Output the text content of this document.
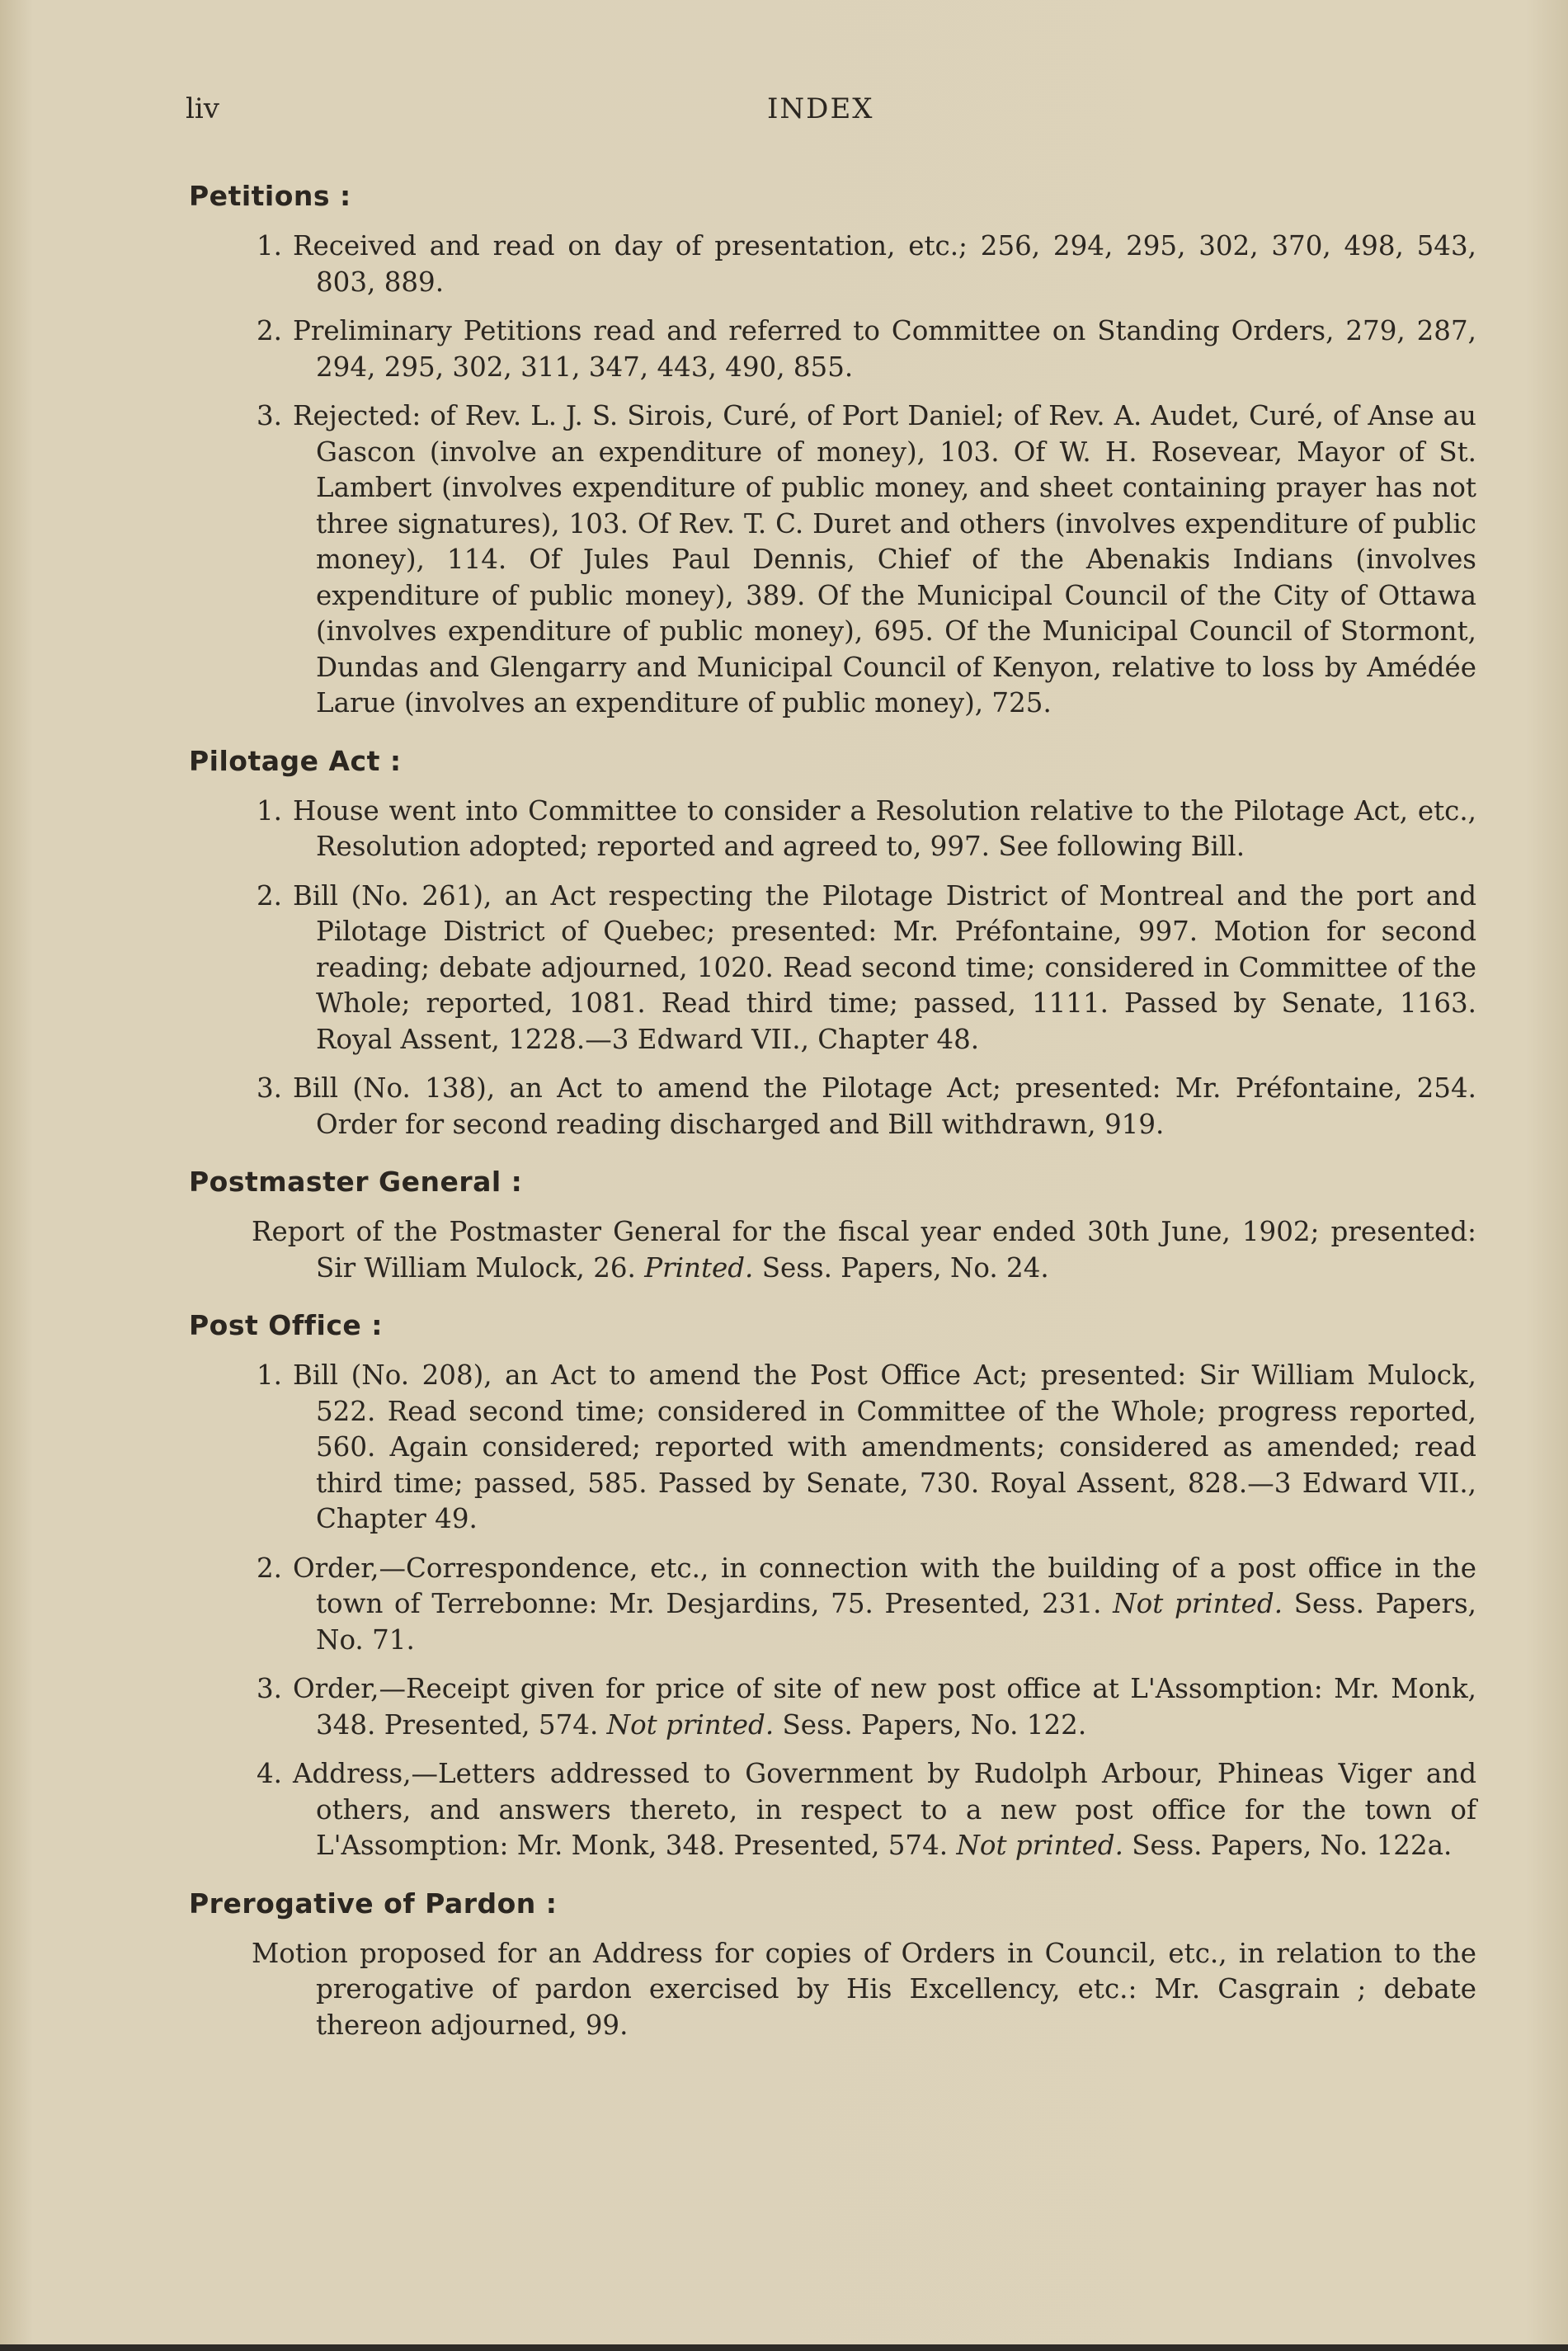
liv	INDEX
Petitions :

1. Received and read on day of presentation, etc.; 256, 294, 295, 302, 370, 498, 543, 803, 889.

2. Preliminary Petitions read and referred to Committee on Standing Orders, 279, 287, 294, 295, 302, 311, 347, 443, 490, 855.

3. Rejected: of Rev. L. J. S. Sirois, Curé, of Port Daniel; of Rev. A. Audet, Curé, of Anse au Gascon (involve an expenditure of money), 103. Of W. H. Rosevear, Mayor of St. Lambert (involves expenditure of public money, and sheet containing prayer has not three signatures), 103. Of Rev. T. C. Duret and others (involves expenditure of public money), 114. Of Jules Paul Dennis, Chief of the Abenakis Indians (involves expenditure of public money), 389. Of the Municipal Council of the City of Ottawa (involves expenditure of public money), 695. Of the Municipal Council of Stormont, Dundas and Glengarry and Municipal Council of Kenyon, relative to loss by Amédée Larue (involves an expenditure of public money), 725.

Pilotage Act :

1. House went into Committee to consider a Resolution relative to the Pilotage Act, etc., Resolution adopted; reported and agreed to, 997. See following Bill.

2. Bill (No. 261), an Act respecting the Pilotage District of Montreal and the port and Pilotage District of Quebec; presented: Mr. Préfontaine, 997. Motion for second reading; debate adjourned, 1020. Read second time; considered in Committee of the Whole; reported, 1081. Read third time; passed, 1111. Passed by Senate, 1163. Royal Assent, 1228.—3 Edward VII., Chapter 48.

3. Bill (No. 138), an Act to amend the Pilotage Act; presented: Mr. Préfontaine, 254. Order for second reading discharged and Bill withdrawn, 919.

Postmaster General :

Report of the Postmaster General for the fiscal year ended 30th June, 1902; presented: Sir William Mulock, 26. Printed. Sess. Papers, No. 24.

Post Office :

1. Bill (No. 208), an Act to amend the Post Office Act; presented: Sir William Mulock, 522. Read second time; considered in Committee of the Whole; progress reported, 560. Again considered; reported with amendments; considered as amended; read third time; passed, 585. Passed by Senate, 730. Royal Assent, 828.—3 Edward VII., Chapter 49.

2. Order,—Correspondence, etc., in connection with the building of a post office in the town of Terrebonne: Mr. Desjardins, 75. Presented, 231. Not printed. Sess. Papers, No. 71.

3. Order,—Receipt given for price of site of new post office at L'Assomption: Mr. Monk, 348. Presented, 574. Not printed. Sess. Papers, No. 122.

4. Address,—Letters addressed to Government by Rudolph Arbour, Phineas Viger and others, and answers thereto, in respect to a new post office for the town of L'Assomption: Mr. Monk, 348. Presented, 574. Not printed. Sess. Papers, No. 122a.

Prerogative of Pardon :

Motion proposed for an Address for copies of Orders in Council, etc., in relation to the prerogative of pardon exercised by His Excellency, etc.: Mr. Casgrain ; debate thereon adjourned, 99.
